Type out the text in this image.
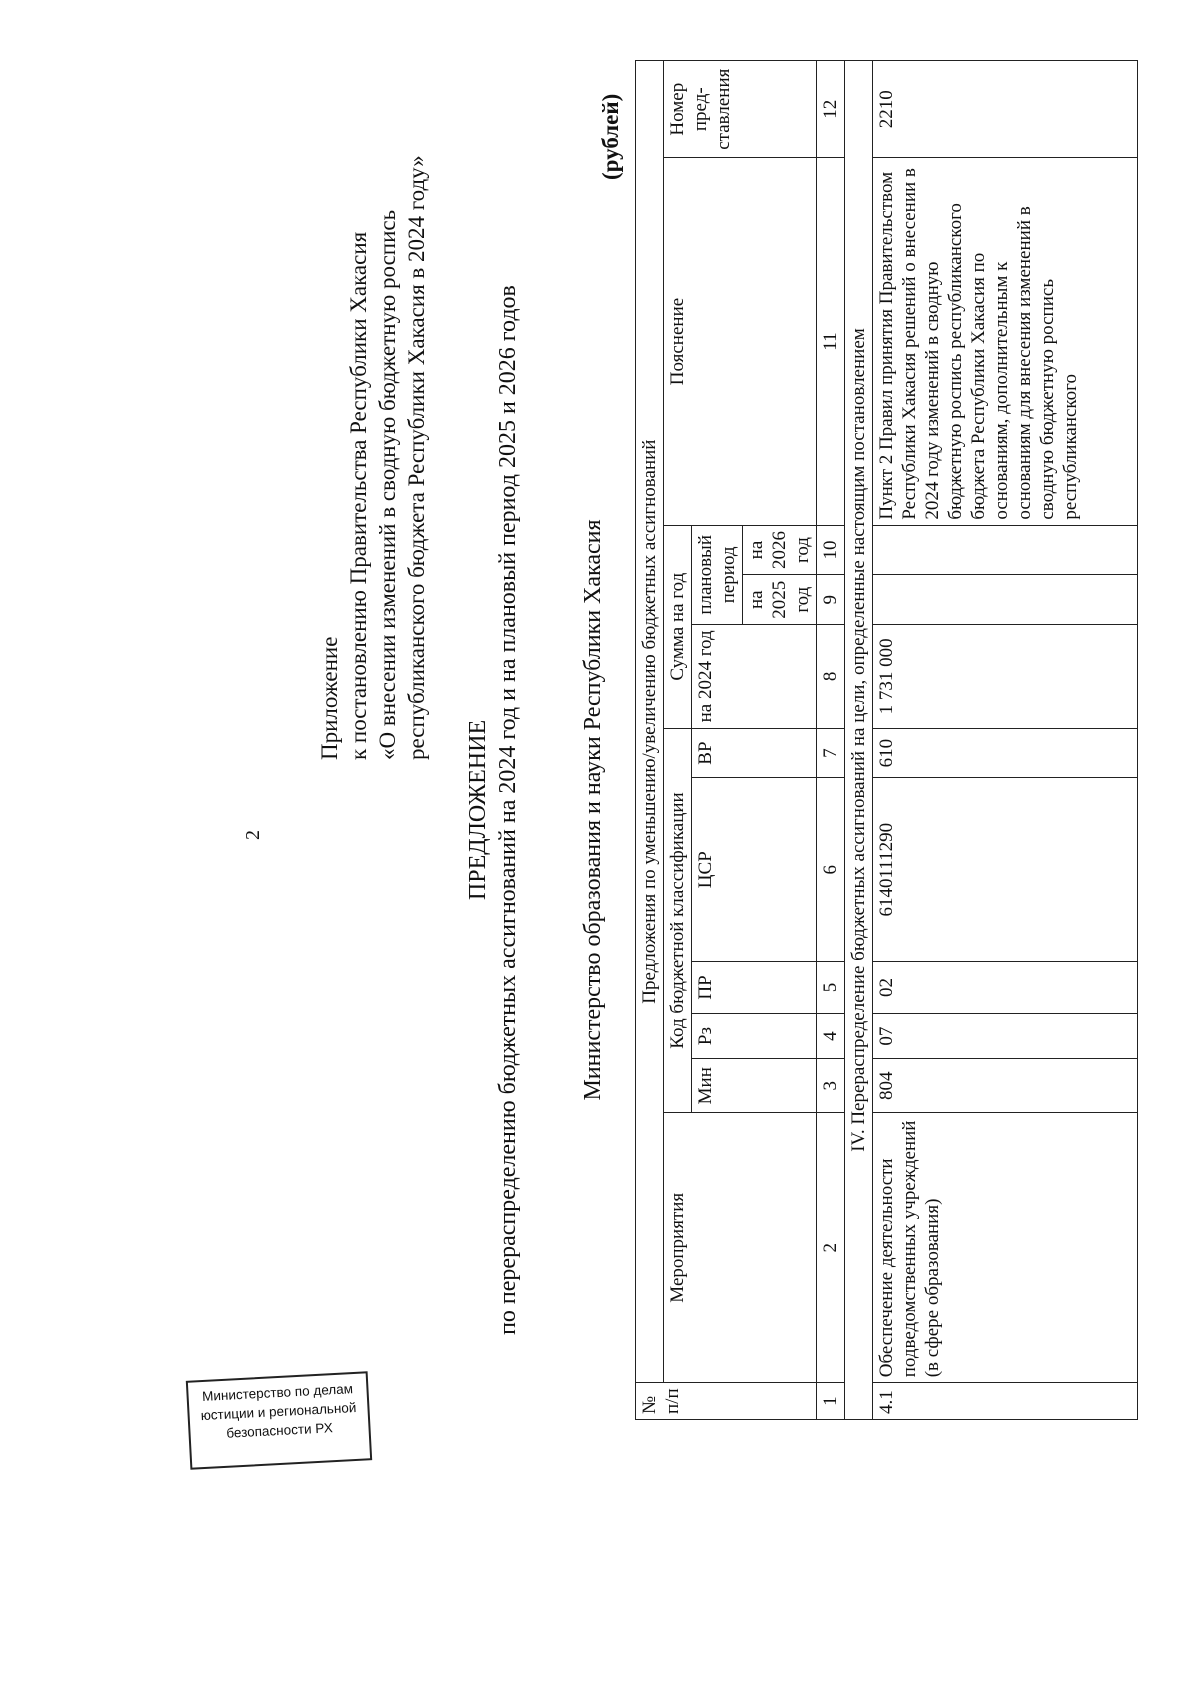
2
Приложение к постановлению Правительства Республики Хакасия «О внесении изменений в сводную бюджетную роспись республиканского бюджета Республики Хакасия в 2024 году»
ПРЕДЛОЖЕНИЕ по перераспределению бюджетных ассигнований на 2024 год и на плановый период 2025 и 2026 годов Министерство образования и науки Республики Хакасия
(рублей)
№ п/п	Предложения по уменьшению/увеличению бюджетных ассигнований										
	Мероприятия	Код бюджетной классификации					Сумма на год			Пояснение	Номер пред-ставления
		Мин	Рз	ПР	ЦСР	ВР	на 2024 год	плановый период			
								на 2025 год	на 2026 год		
1	2	3	4	5	6	7	8	9	10	11	12
IV. Перераспределение бюджетных ассигнований на цели, определенные настоящим постановлением											
4.1	Обеспечение деятельности подведомственных учреждений (в сфере образования)	804	07	02	6140111290	610	1 731 000			Пункт 2 Правил принятия Правительством Республики Хакасия решений о внесении в 2024 году изменений в сводную бюджетную роспись республиканского бюджета Республики Хакасия по основаниям, дополнительным к основаниям для внесения изменений в сводную бюджетную роспись республиканского	2210
Министерство по делам
юстиции и региональной
безопасности РХ
